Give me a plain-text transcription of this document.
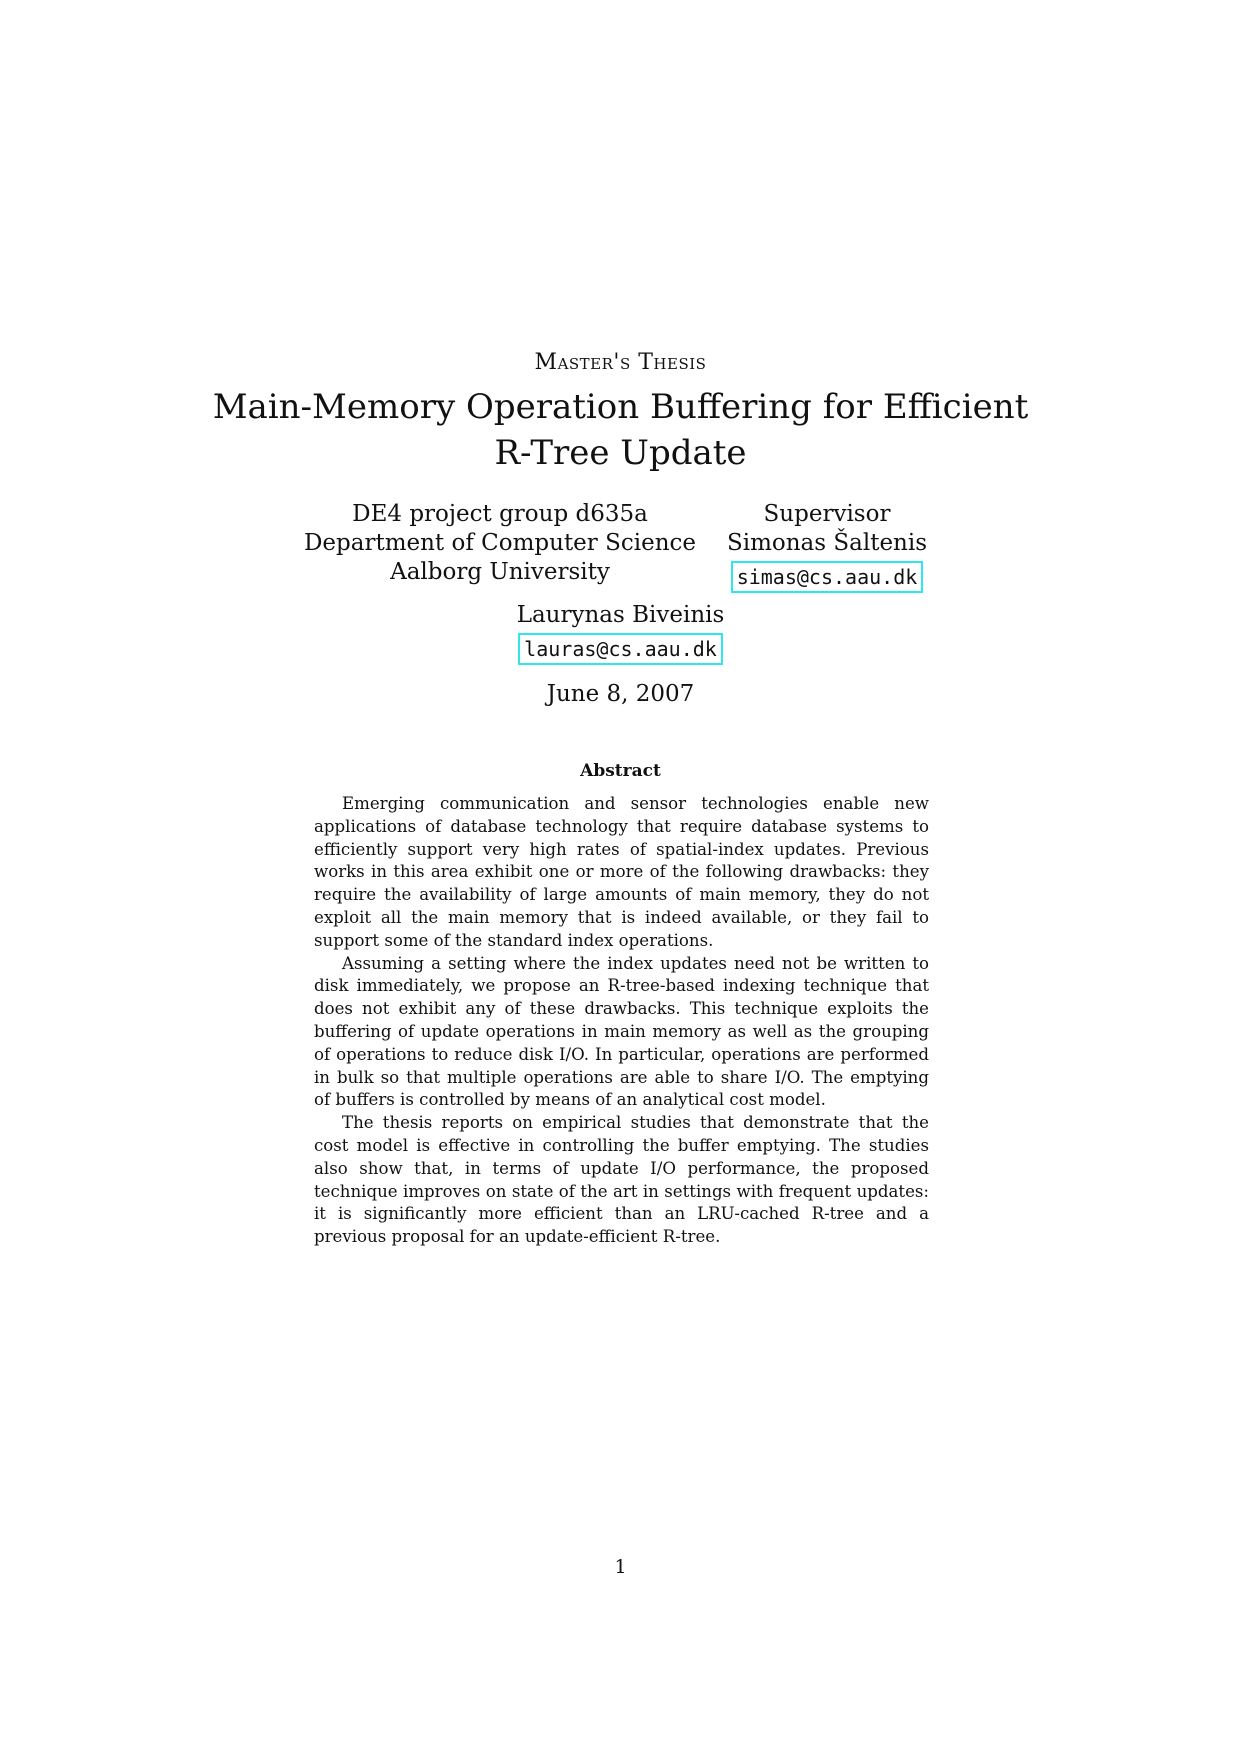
Master's Thesis
Main-Memory Operation Buffering for Efficient
R-Tree Update
DE4 project group d635a
Department of Computer Science
Aalborg University
Supervisor
Simonas Šaltenis
simas@cs.aau.dk
Laurynas Biveinis
lauras@cs.aau.dk
June 8, 2007
Abstract

Emerging communication and sensor technologies enable new applications of database technology that require database systems to efficiently support very high rates of spatial-index updates. Previous works in this area exhibit one or more of the following drawbacks: they require the availability of large amounts of main memory, they do not exploit all the main memory that is indeed available, or they fail to support some of the standard index operations.

Assuming a setting where the index updates need not be written to disk immediately, we propose an R-tree-based indexing technique that does not exhibit any of these drawbacks. This technique exploits the buffering of update operations in main memory as well as the grouping of operations to reduce disk I/O. In particular, operations are performed in bulk so that multiple operations are able to share I/O. The emptying of buffers is controlled by means of an analytical cost model.

The thesis reports on empirical studies that demonstrate that the cost model is effective in controlling the buffer emptying. The studies also show that, in terms of update I/O performance, the proposed technique improves on state of the art in settings with frequent updates: it is significantly more efficient than an LRU-cached R-tree and a previous proposal for an update-efficient R-tree.

1
